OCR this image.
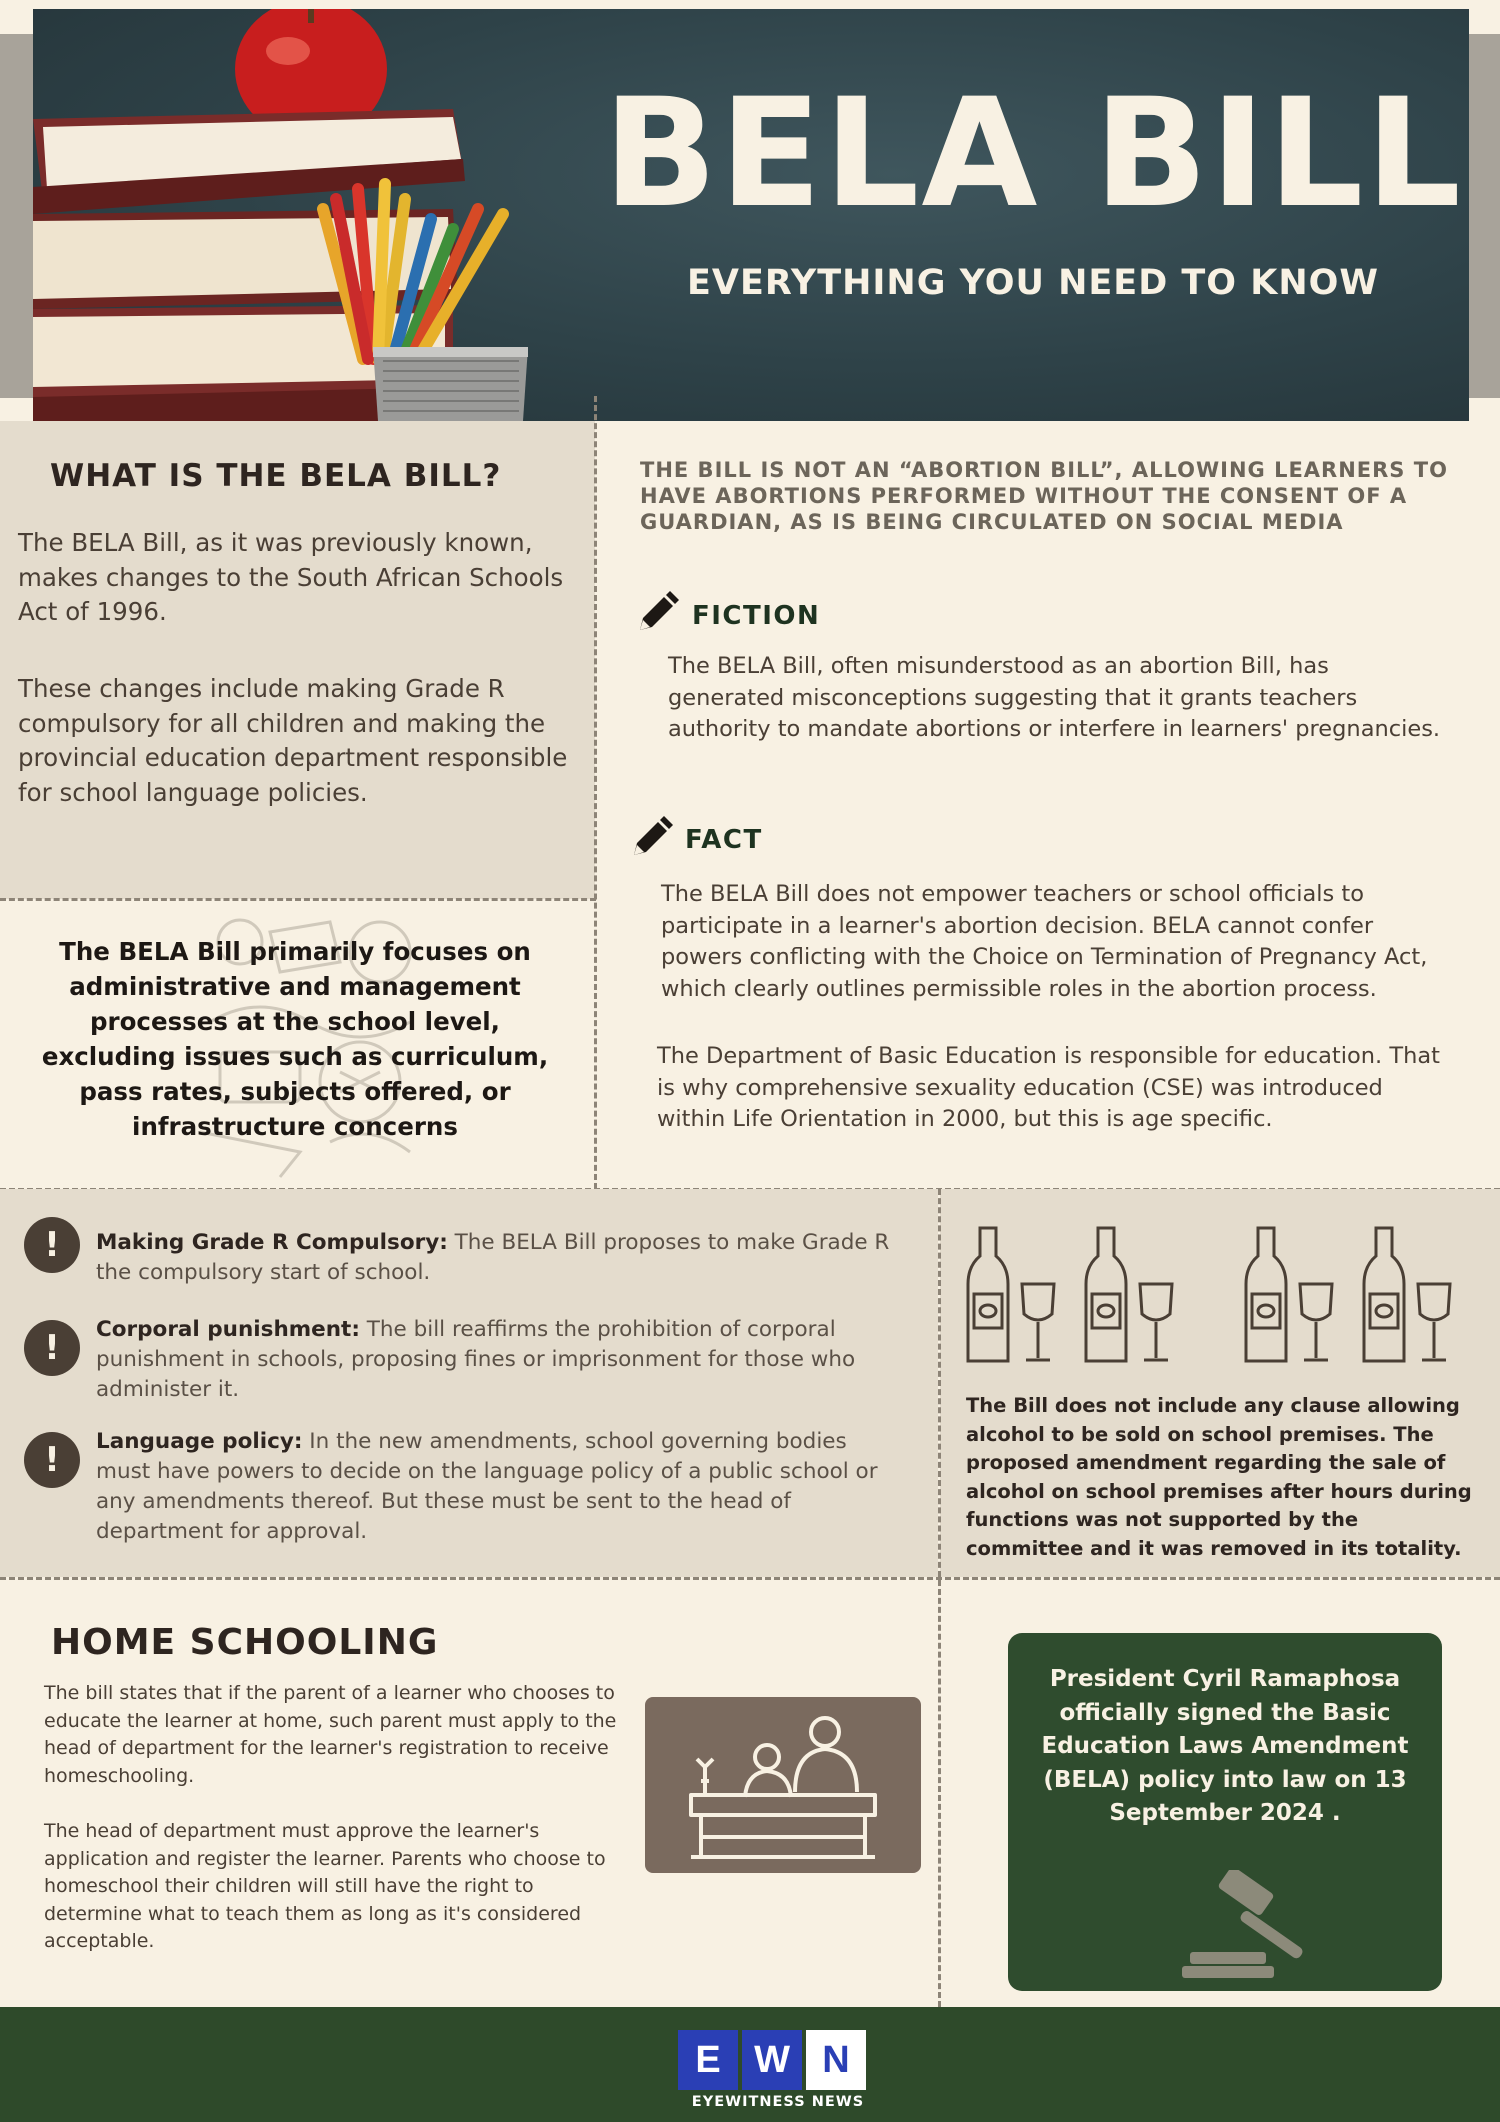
BELA BILL
EVERYTHING YOU NEED TO KNOW
WHAT IS THE BELA BILL?
The BELA Bill, as it was previously known, makes changes to the South African Schools Act of 1996.
These changes include making Grade R compulsory for all children and making the provincial education department responsible for school language policies.
The BELA Bill primarily focuses on administrative and management processes at the school level, excluding issues such as curriculum, pass rates, subjects offered, or infrastructure concerns
THE BILL IS NOT AN “ABORTION BILL”, ALLOWING LEARNERS TO HAVE ABORTIONS PERFORMED WITHOUT THE CONSENT OF A GUARDIAN, AS IS BEING CIRCULATED ON SOCIAL MEDIA
FICTION
The BELA Bill, often misunderstood as an abortion Bill, has generated misconceptions suggesting that it grants teachers authority to mandate abortions or interfere in learners' pregnancies.
FACT
The BELA Bill does not empower teachers or school officials to participate in a learner's abortion decision. BELA cannot confer powers conflicting with the Choice on Termination of Pregnancy Act, which clearly outlines permissible roles in the abortion process.
The Department of Basic Education is responsible for education. That is why comprehensive sexuality education (CSE) was introduced within Life Orientation in 2000, but this is age specific.
!	Making Grade R Compulsory: The BELA Bill proposes to make Grade R the compulsory start of school.
!	Corporal punishment: The bill reaffirms the prohibition of corporal punishment in schools, proposing fines or imprisonment for those who administer it.
!	Language policy: In the new amendments, school governing bodies must have powers to decide on the language policy of a public school or any amendments thereof. But these must be sent to the head of department for approval.
The Bill does not include any clause allowing alcohol to be sold on school premises. The proposed amendment regarding the sale of alcohol on school premises after hours during functions was not supported by the committee and it was removed in its totality.
HOME SCHOOLING
The bill states that if the parent of a learner who chooses to educate the learner at home, such parent must apply to the head of department for the learner's registration to receive homeschooling.
The head of department must approve the learner's application and register the learner. Parents who choose to homeschool their children will still have the right to determine what to teach them as long as it's considered acceptable.
President Cyril Ramaphosa officially signed the Basic Education Laws Amendment (BELA) policy into law on 13 September 2024 .
E W N
EYEWITNESS NEWS
